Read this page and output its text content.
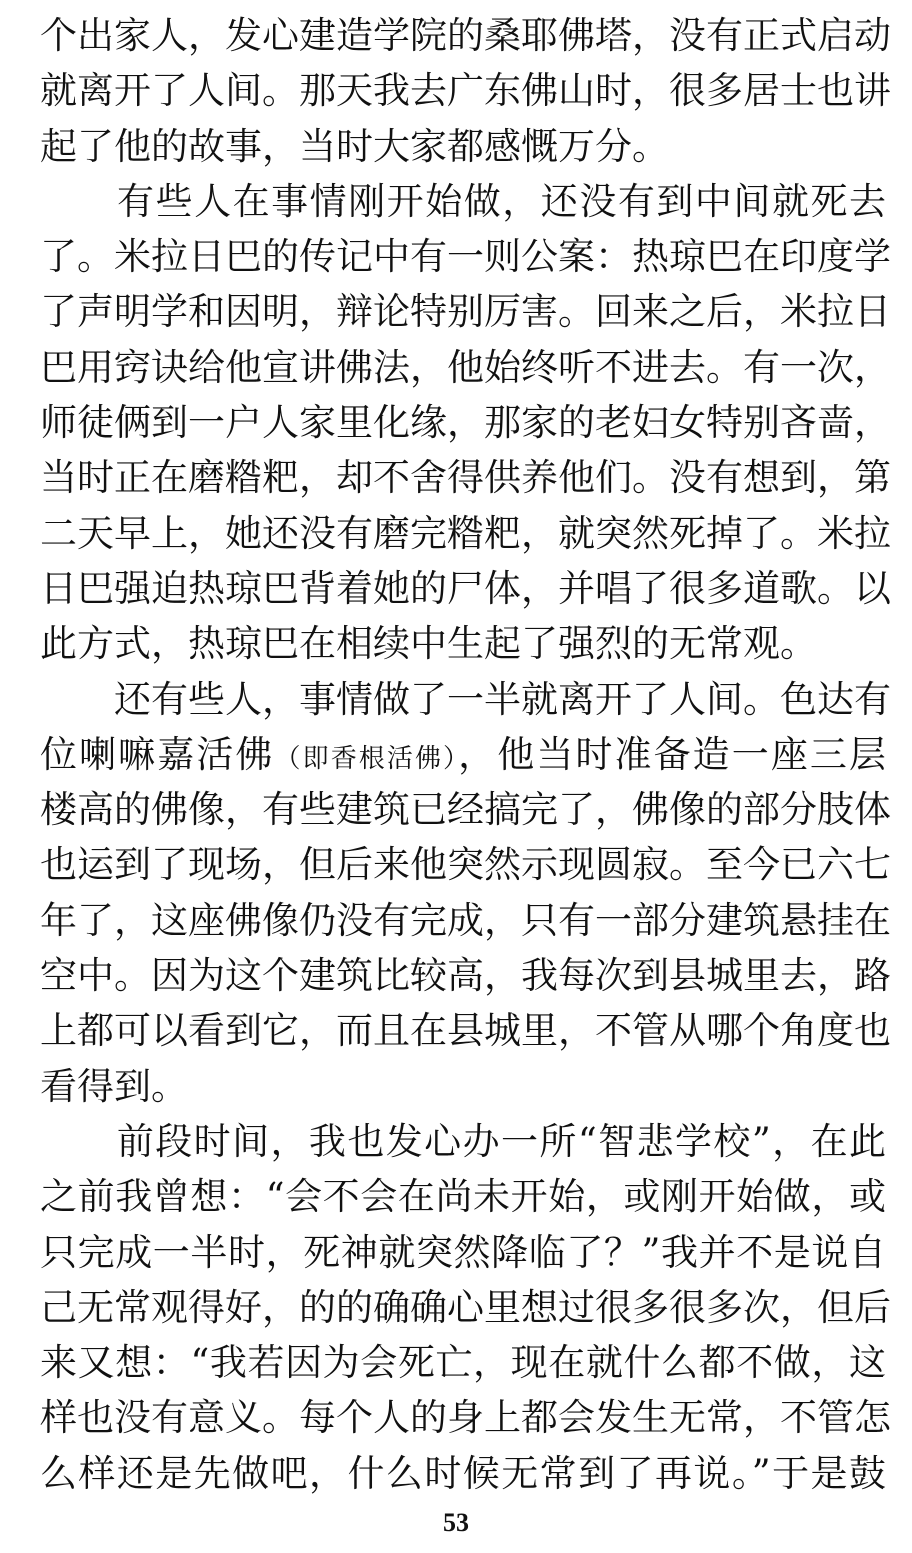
个出家人，发心建造学院的桑耶佛塔，没有正式启动
就离开了人间。那天我去广东佛山时，很多居士也讲
起了他的故事，当时大家都感慨万分。
　　有些人在事情刚开始做，还没有到中间就死去
了。米拉日巴的传记中有一则公案：热琼巴在印度学
了声明学和因明，辩论特别厉害。回来之后，米拉日
巴用窍诀给他宣讲佛法，他始终听不进去。有一次，
师徒俩到一户人家里化缘，那家的老妇女特别吝啬，
当时正在磨糌粑，却不舍得供养他们。没有想到，第
二天早上，她还没有磨完糌粑，就突然死掉了。米拉
日巴强迫热琼巴背着她的尸体，并唱了很多道歌。以
此方式，热琼巴在相续中生起了强烈的无常观。
　　还有些人，事情做了一半就离开了人间。色达有
位喇嘛嘉活佛（即香根活佛），他当时准备造一座三层
楼高的佛像，有些建筑已经搞完了，佛像的部分肢体
也运到了现场，但后来他突然示现圆寂。至今已六七
年了，这座佛像仍没有完成，只有一部分建筑悬挂在
空中。因为这个建筑比较高，我每次到县城里去，路
上都可以看到它，而且在县城里，不管从哪个角度也
看得到。
　　前段时间，我也发心办一所“智悲学校”，在此
之前我曾想：“会不会在尚未开始，或刚开始做，或
只完成一半时，死神就突然降临了？”我并不是说自
己无常观得好，的的确确心里想过很多很多次，但后
来又想：“我若因为会死亡，现在就什么都不做，这
样也没有意义。每个人的身上都会发生无常，不管怎
么样还是先做吧，什么时候无常到了再说。”于是鼓
53
